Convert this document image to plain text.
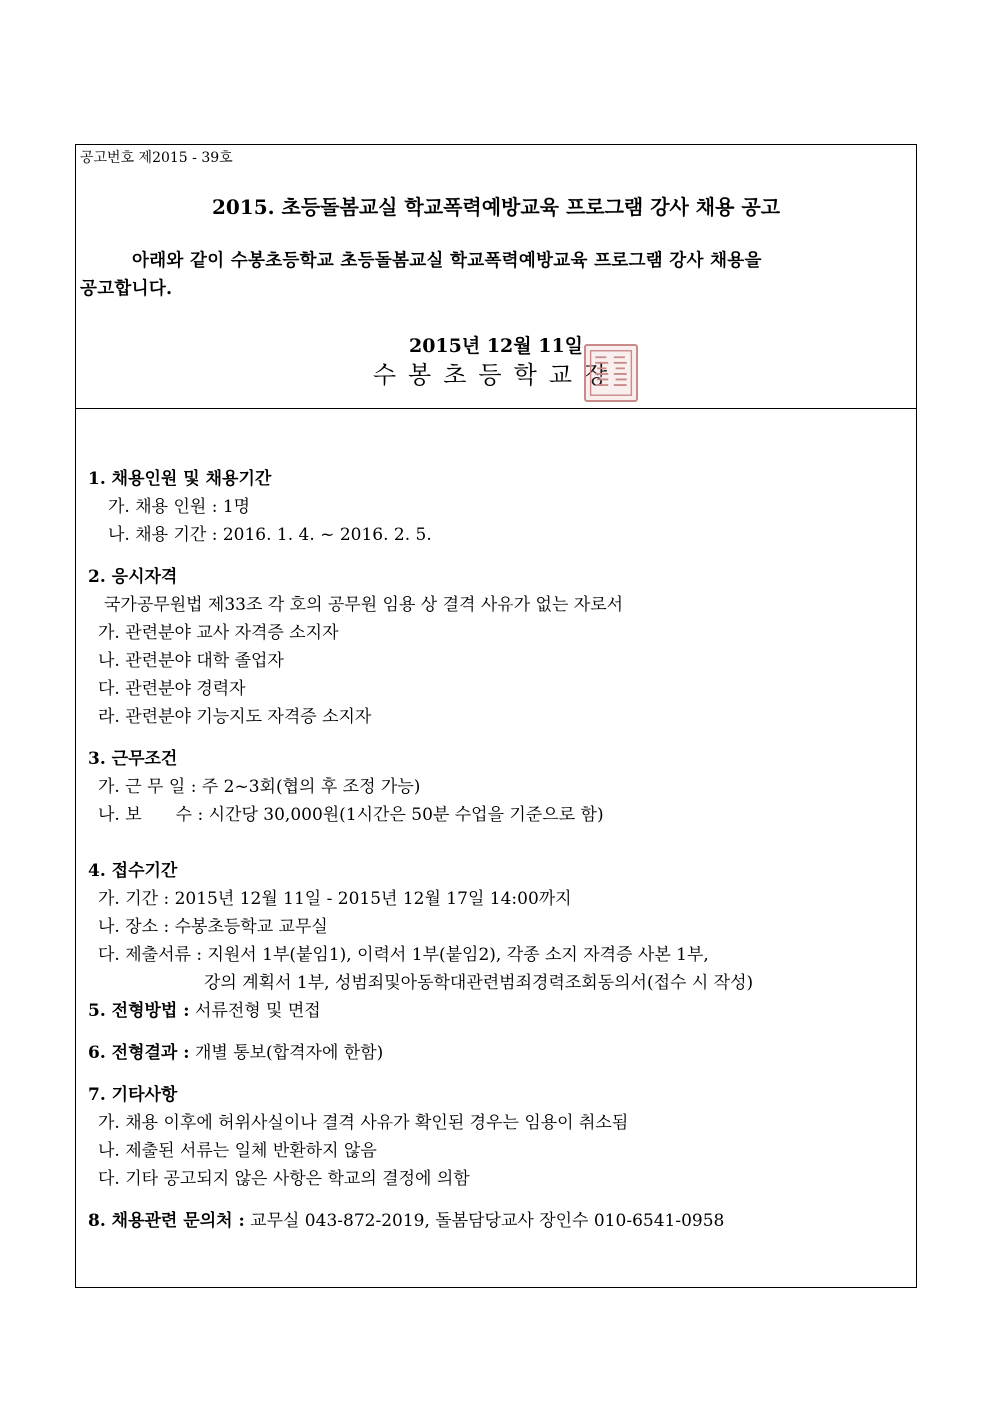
공고번호 제2015 - 39호
2015. 초등돌봄교실 학교폭력예방교육 프로그램 강사 채용 공고
아래와 같이 수봉초등학교 초등돌봄교실 학교폭력예방교육 프로그램 강사 채용을
공고합니다.
2015년 12월 11일
수봉초등학교장
1. 채용인원 및 채용기간
가. 채용 인원 : 1명
나. 채용 기간 : 2016. 1. 4. ~ 2016. 2. 5.
2. 응시자격
국가공무원법 제33조 각 호의 공무원 임용 상 결격 사유가 없는 자로서
가. 관련분야 교사 자격증 소지자
나. 관련분야 대학 졸업자
다. 관련분야 경력자
라. 관련분야 기능지도 자격증 소지자
3. 근무조건
가. 근 무 일 : 주 2~3회(협의 후 조정 가능)
나. 보　　수 : 시간당 30,000원(1시간은 50분 수업을 기준으로 함)
4. 접수기간
가. 기간 : 2015년 12월 11일 - 2015년 12월 17일 14:00까지
나. 장소 : 수봉초등학교 교무실
다. 제출서류 : 지원서 1부(붙임1), 이력서 1부(붙임2), 각종 소지 자격증 사본 1부,
강의 계획서 1부, 성범죄및아동학대관련범죄경력조회동의서(접수 시 작성)
5. 전형방법 : 서류전형 및 면접
6. 전형결과 : 개별 통보(합격자에 한함)
7. 기타사항
가. 채용 이후에 허위사실이나 결격 사유가 확인된 경우는 임용이 취소됨
나. 제출된 서류는 일체 반환하지 않음
다. 기타 공고되지 않은 사항은 학교의 결정에 의함
8. 채용관련 문의처 : 교무실 043-872-2019, 돌봄담당교사 장인수 010-6541-0958
